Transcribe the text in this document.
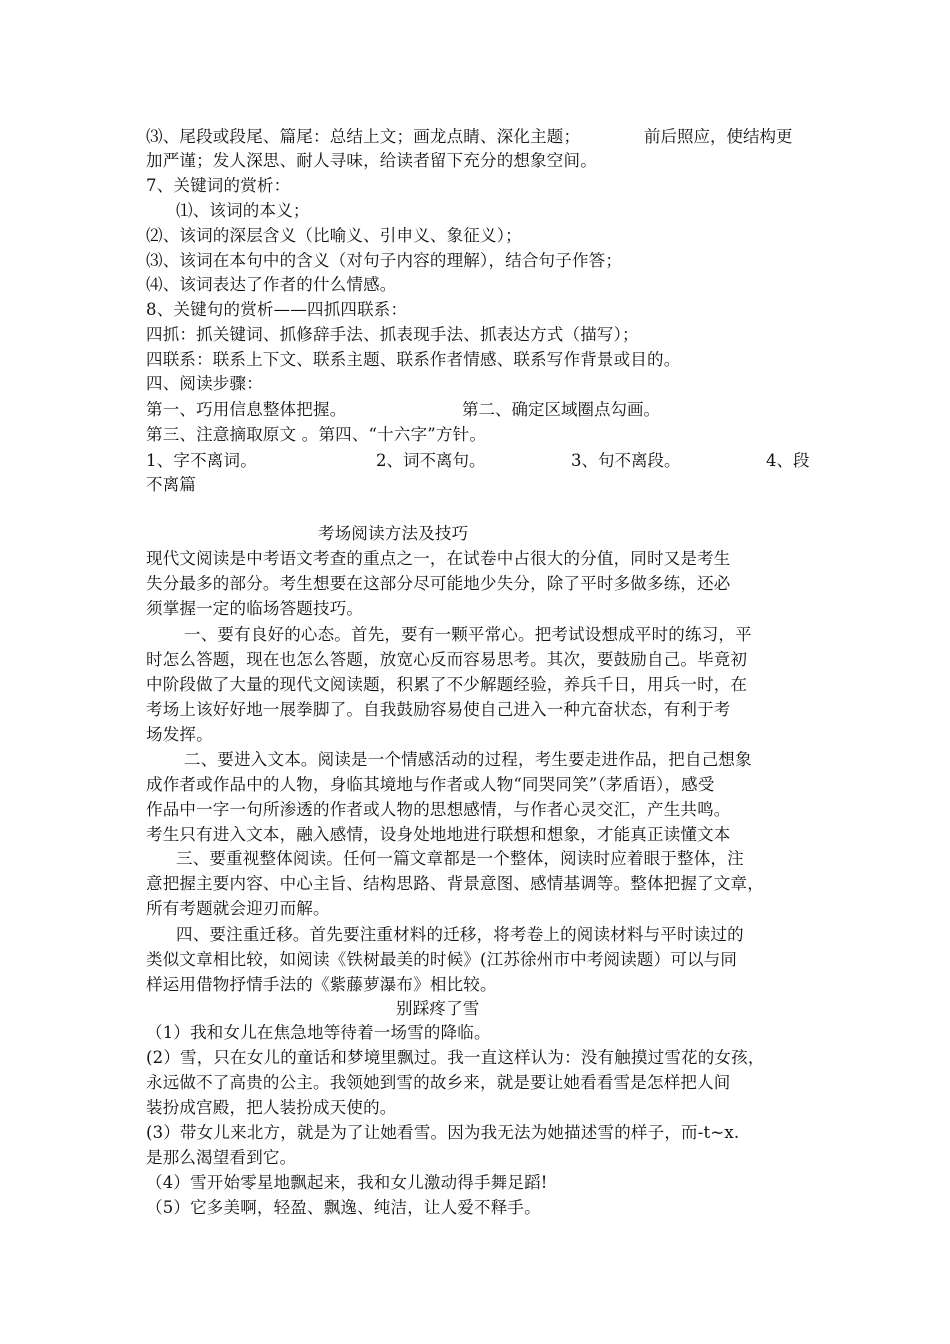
⑶、尾段或段尾、篇尾：总结上文；画龙点睛、深化主题；	前后照应，使结构更
加严谨；发人深思、耐人寻味，给读者留下充分的想象空间。
7、关键词的赏析：
⑴、该词的本义；
⑵、该词的深层含义（比喻义、引申义、象征义）；
⑶、该词在本句中的含义（对句子内容的理解），结合句子作答；
⑷、该词表达了作者的什么情感。
8、关键句的赏析——四抓四联系：
四抓：抓关键词、抓修辞手法、抓表现手法、抓表达方式（描写）；
四联系：联系上下文、联系主题、联系作者情感、联系写作背景或目的。
四、阅读步骤：
第一、巧用信息整体把握。	第二、确定区域圈点勾画。
第三、注意摘取原文 。第四、“十六字”方针。
1、字不离词。	2、词不离句。	3、句不离段。	4、段
不离篇
考场阅读方法及技巧
现代文阅读是中考语文考查的重点之一，在试卷中占很大的分值，同时又是考生
失分最多的部分。考生想要在这部分尽可能地少失分，除了平时多做多练，还必
须掌握一定的临场答题技巧。
一、要有良好的心态。首先，要有一颗平常心。把考试设想成平时的练习，平
时怎么答题，现在也怎么答题，放宽心反而容易思考。其次，要鼓励自己。毕竟初
中阶段做了大量的现代文阅读题，积累了不少解题经验，养兵千日，用兵一时，在
考场上该好好地一展拳脚了。自我鼓励容易使自己进入一种亢奋状态，有利于考
场发挥。
二、要进入文本。阅读是一个情感活动的过程，考生要走进作品，把自己想象
成作者或作品中的人物，身临其境地与作者或人物“同哭同笑”（茅盾语），感受
作品中一字一句所渗透的作者或人物的思想感情，与作者心灵交汇，产生共鸣。
考生只有进入文本，融入感情，设身处地地进行联想和想象，才能真正读懂文本
三、要重视整体阅读。任何一篇文章都是一个整体，阅读时应着眼于整体，注
意把握主要内容、中心主旨、结构思路、背景意图、感情基调等。整体把握了文章，
所有考题就会迎刃而解。
四、要注重迁移。首先要注重材料的迁移，将考卷上的阅读材料与平时读过的
类似文章相比较，如阅读《铁树最美的时候》(江苏徐州市中考阅读题）可以与同
样运用借物抒情手法的《紫藤萝瀑布》相比较。
别踩疼了雪
（1）我和女儿在焦急地等待着一场雪的降临。
(2）雪，只在女儿的童话和梦境里飘过。我一直这样认为：没有触摸过雪花的女孩，
永远做不了高贵的公主。我领她到雪的故乡来，就是要让她看看雪是怎样把人间
装扮成宫殿，把人装扮成天使的。
(3）带女儿来北方，就是为了让她看雪。因为我无法为她描述雪的样子，而-t~x.
是那么渴望看到它。
（4）雪开始零星地飘起来，我和女儿激动得手舞足蹈!
（5）它多美啊，轻盈、飘逸、纯洁，让人爱不释手。
